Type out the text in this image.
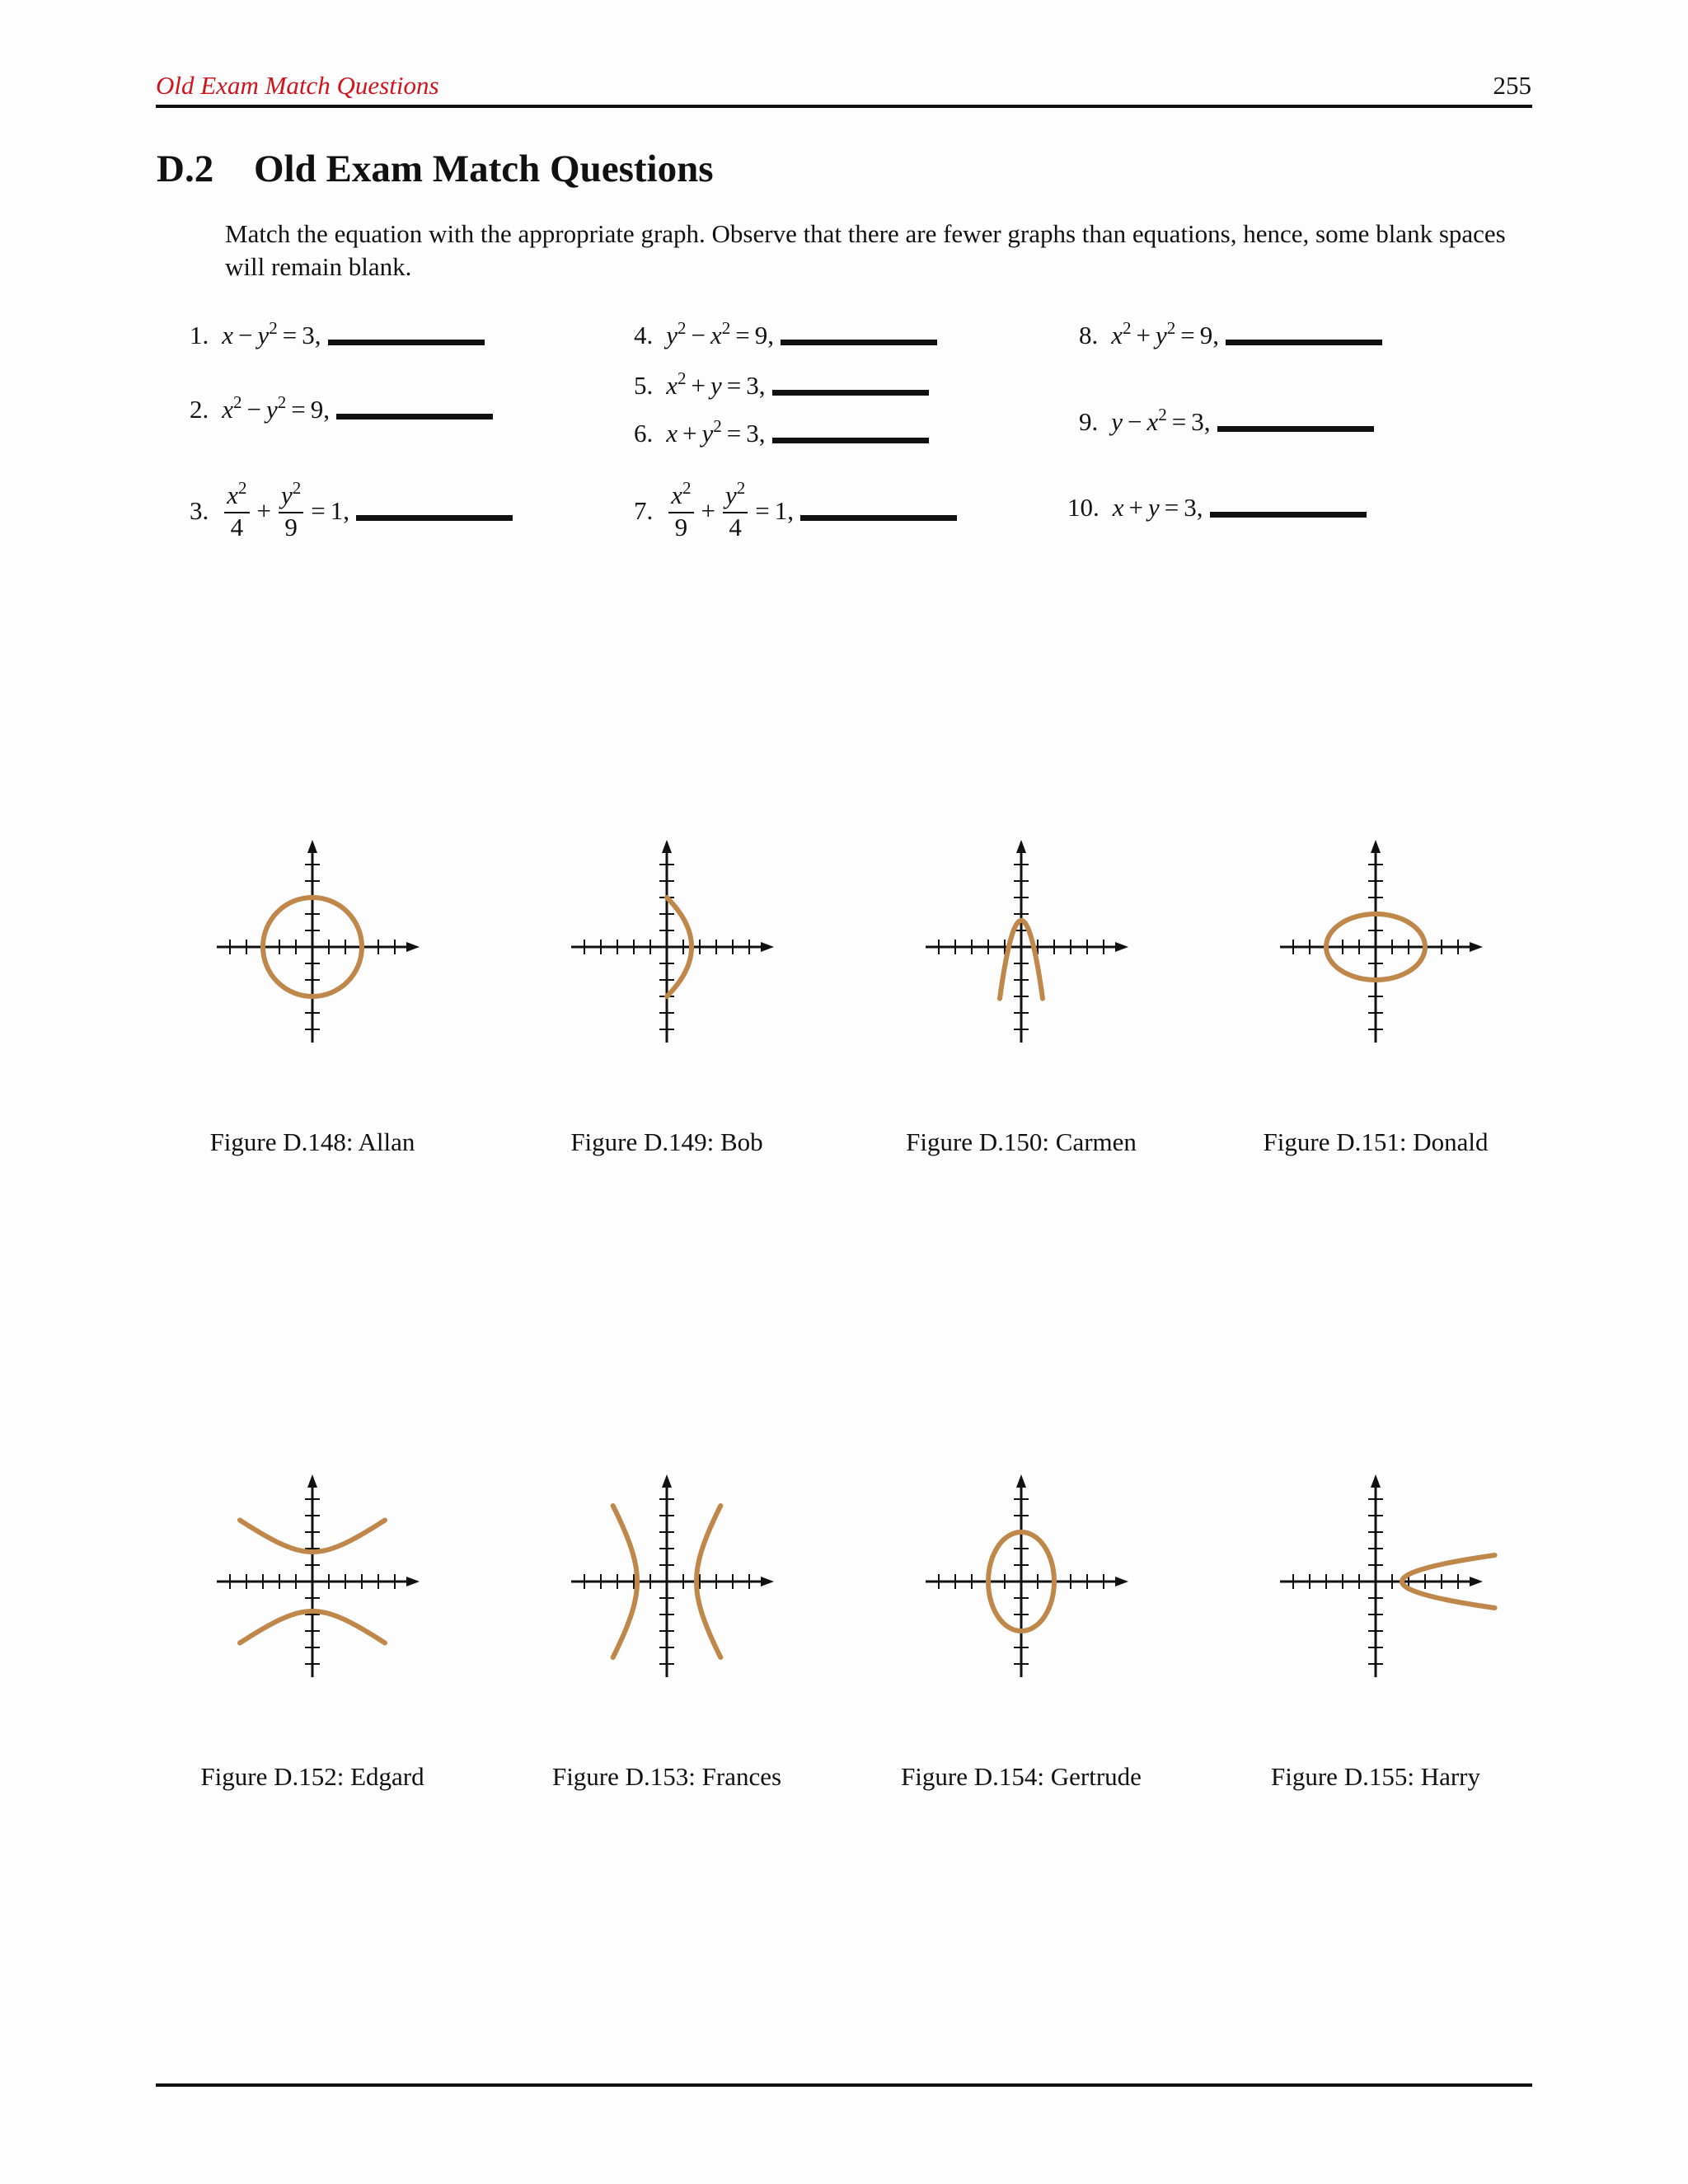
Old Exam Match Questions	255
D.2 Old Exam Match Questions
Match the equation with the appropriate graph. Observe that there are fewer graphs than equations, hence, some blank spaces will remain blank.
1. $x - y^2 = 3$,
2. $x^2 - y^2 = 9$,
3. $\frac{x^2}{4} + \frac{y^2}{9} = 1$,
4. $y^2 - x^2 = 9$,
5. $x^2 + y = 3$,
6. $x + y^2 = 3$,
7. $\frac{x^2}{9} + \frac{y^2}{4} = 1$,
8. $x^2 + y^2 = 9$,
9. $y - x^2 = 3$,
10. x + y = 3,
Figure D.148: Allan	Figure D.149: Bob	Figure D.150: Carmen	Figure D.151: Donald
Figure D.152: Edgard	Figure D.153: Frances	Figure D.154: Gertrude	Figure D.155: Harry
